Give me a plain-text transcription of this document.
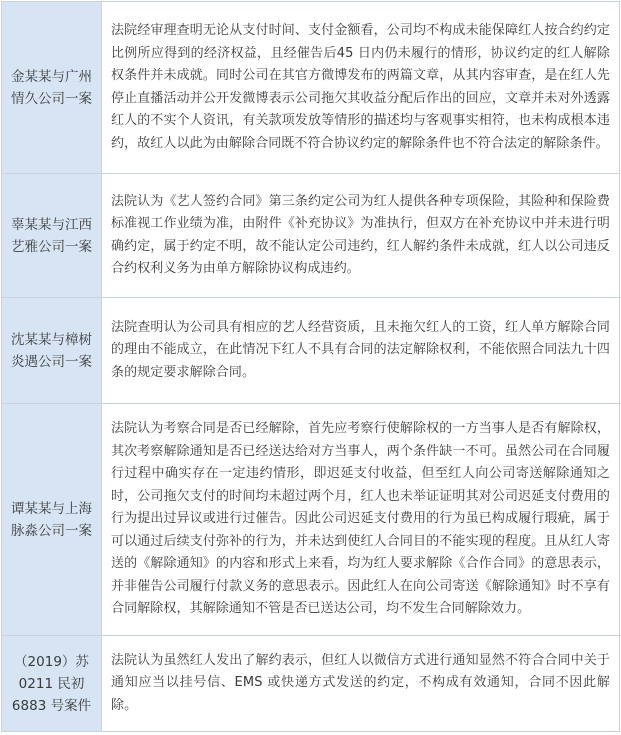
金某某与广州情久公司一案	法院经审理查明无论从支付时间、支付金额看，公司均不构成未能保障红人按合约约定比例所应得到的经济权益，且经催告后45 日内仍未履行的情形，协议约定的红人解除权条件并未成就。同时公司在其官方微博发布的两篇文章，从其内容审查，是在红人先停止直播活动并公开发微博表示公司拖欠其收益分配后作出的回应，文章并未对外透露红人的不实个人资讯，有关款项发放等情形的描述均与客观事实相符，也未构成根本违约，故红人以此为由解除合同既不符合协议约定的解除条件也不符合法定的解除条件。
辜某某与江西艺雅公司一案	法院认为《艺人签约合同》第三条约定公司为红人提供各种专项保险，其险种和保险费标准视工作业绩为准，由附件《补充协议》为准执行，但双方在补充协议中并未进行明确约定，属于约定不明，故不能认定公司违约，红人解约条件未成就，红人以公司违反合约权利义务为由单方解除协议构成违约。
沈某某与樟树炎遇公司一案	法院查明认为公司具有相应的艺人经营资质，且未拖欠红人的工资，红人单方解除合同的理由不能成立，在此情况下红人不具有合同的法定解除权利，不能依照合同法九十四条的规定要求解除合同。
谭某某与上海脉淼公司一案	法院认为考察合同是否已经解除，首先应考察行使解除权的一方当事人是否有解除权，其次考察解除通知是否已经送达给对方当事人，两个条件缺一不可。虽然公司在合同履行过程中确实存在一定违约情形，即迟延支付收益，但至红人向公司寄送解除通知之时，公司拖欠支付的时间均未超过两个月，红人也未举证证明其对公司迟延支付费用的行为提出过异议或进行过催告。因此公司迟延支付费用的行为虽已构成履行瑕疵，属于可以通过后续支付弥补的行为，并未达到使红人合同目的不能实现的程度。且从红人寄送的《解除通知》的内容和形式上来看，均为红人要求解除《合作合同》的意思表示，并非催告公司履行付款义务的意思表示。因此红人在向公司寄送《解除通知》时不享有合同解除权，其解除通知不管是否已送达公司，均不发生合同解除效力。
（2019）苏0211 民初6883 号案件	法院认为虽然红人发出了解约表示，但红人以微信方式进行通知显然不符合合同中关于通知应当以挂号信、EMS 或快递方式发送的约定，不构成有效通知，合同不因此解除。
